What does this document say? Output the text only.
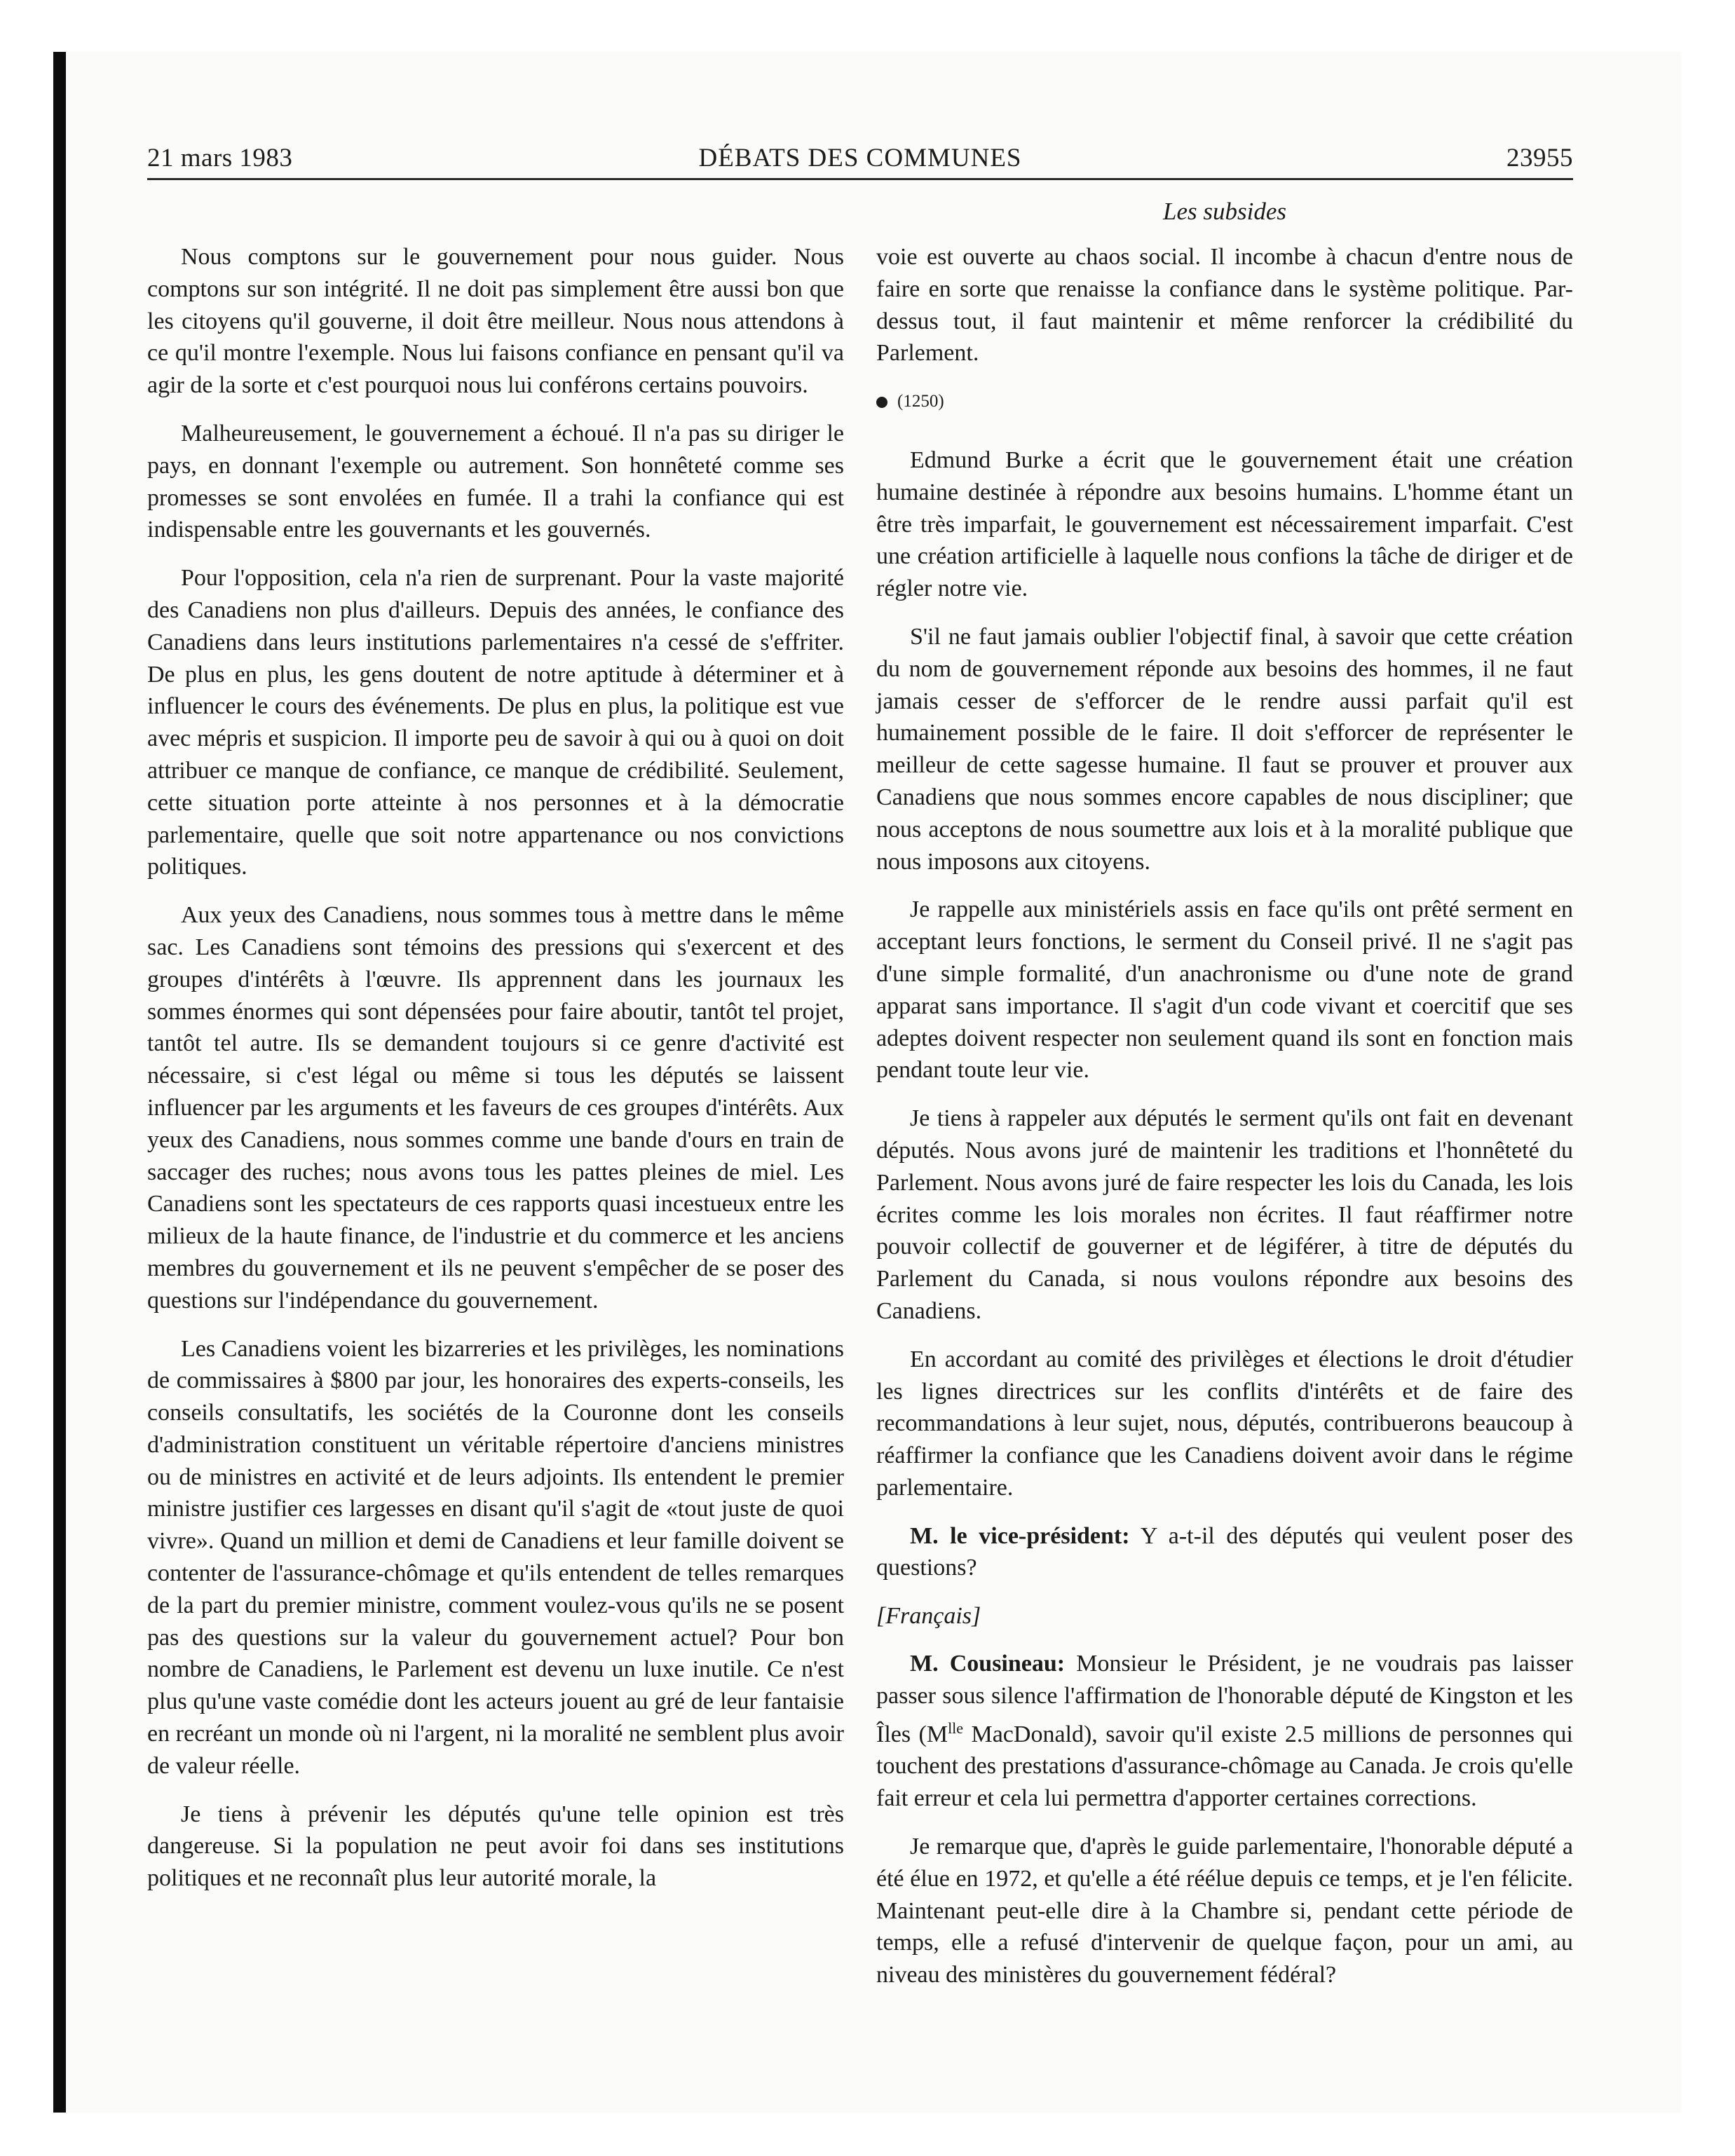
21 mars 1983	DÉBATS DES COMMUNES	23955
Les subsides

Nous comptons sur le gouvernement pour nous guider. Nous comptons sur son intégrité. Il ne doit pas simplement être aussi bon que les citoyens qu'il gouverne, il doit être meilleur. Nous nous attendons à ce qu'il montre l'exemple. Nous lui faisons confiance en pensant qu'il va agir de la sorte et c'est pourquoi nous lui conférons certains pouvoirs.

Malheureusement, le gouvernement a échoué. Il n'a pas su diriger le pays, en donnant l'exemple ou autrement. Son honnêteté comme ses promesses se sont envolées en fumée. Il a trahi la confiance qui est indispensable entre les gouvernants et les gouvernés.

Pour l'opposition, cela n'a rien de surprenant. Pour la vaste majorité des Canadiens non plus d'ailleurs. Depuis des années, le confiance des Canadiens dans leurs institutions parlementaires n'a cessé de s'effriter. De plus en plus, les gens doutent de notre aptitude à déterminer et à influencer le cours des événements. De plus en plus, la politique est vue avec mépris et suspicion. Il importe peu de savoir à qui ou à quoi on doit attribuer ce manque de confiance, ce manque de crédibilité. Seulement, cette situation porte atteinte à nos personnes et à la démocratie parlementaire, quelle que soit notre appartenance ou nos convictions politiques.

Aux yeux des Canadiens, nous sommes tous à mettre dans le même sac. Les Canadiens sont témoins des pressions qui s'exercent et des groupes d'intérêts à l'œuvre. Ils apprennent dans les journaux les sommes énormes qui sont dépensées pour faire aboutir, tantôt tel projet, tantôt tel autre. Ils se demandent toujours si ce genre d'activité est nécessaire, si c'est légal ou même si tous les députés se laissent influencer par les arguments et les faveurs de ces groupes d'intérêts. Aux yeux des Canadiens, nous sommes comme une bande d'ours en train de saccager des ruches; nous avons tous les pattes pleines de miel. Les Canadiens sont les spectateurs de ces rapports quasi incestueux entre les milieux de la haute finance, de l'industrie et du commerce et les anciens membres du gouvernement et ils ne peuvent s'empêcher de se poser des questions sur l'indépendance du gouvernement.

Les Canadiens voient les bizarreries et les privilèges, les nominations de commissaires à $800 par jour, les honoraires des experts-conseils, les conseils consultatifs, les sociétés de la Couronne dont les conseils d'administration constituent un véritable répertoire d'anciens ministres ou de ministres en activité et de leurs adjoints. Ils entendent le premier ministre justifier ces largesses en disant qu'il s'agit de «tout juste de quoi vivre». Quand un million et demi de Canadiens et leur famille doivent se contenter de l'assurance-chômage et qu'ils entendent de telles remarques de la part du premier ministre, comment voulez-vous qu'ils ne se posent pas des questions sur la valeur du gouvernement actuel? Pour bon nombre de Canadiens, le Parlement est devenu un luxe inutile. Ce n'est plus qu'une vaste comédie dont les acteurs jouent au gré de leur fantaisie en recréant un monde où ni l'argent, ni la moralité ne semblent plus avoir de valeur réelle.

Je tiens à prévenir les députés qu'une telle opinion est très dangereuse. Si la population ne peut avoir foi dans ses institutions politiques et ne reconnaît plus leur autorité morale, la

voie est ouverte au chaos social. Il incombe à chacun d'entre nous de faire en sorte que renaisse la confiance dans le système politique. Par-dessus tout, il faut maintenir et même renforcer la crédibilité du Parlement.

(1250)

Edmund Burke a écrit que le gouvernement était une création humaine destinée à répondre aux besoins humains. L'homme étant un être très imparfait, le gouvernement est nécessairement imparfait. C'est une création artificielle à laquelle nous confions la tâche de diriger et de régler notre vie.

S'il ne faut jamais oublier l'objectif final, à savoir que cette création du nom de gouvernement réponde aux besoins des hommes, il ne faut jamais cesser de s'efforcer de le rendre aussi parfait qu'il est humainement possible de le faire. Il doit s'efforcer de représenter le meilleur de cette sagesse humaine. Il faut se prouver et prouver aux Canadiens que nous sommes encore capables de nous discipliner; que nous acceptons de nous soumettre aux lois et à la moralité publique que nous imposons aux citoyens.

Je rappelle aux ministériels assis en face qu'ils ont prêté serment en acceptant leurs fonctions, le serment du Conseil privé. Il ne s'agit pas d'une simple formalité, d'un anachronisme ou d'une note de grand apparat sans importance. Il s'agit d'un code vivant et coercitif que ses adeptes doivent respecter non seulement quand ils sont en fonction mais pendant toute leur vie.

Je tiens à rappeler aux députés le serment qu'ils ont fait en devenant députés. Nous avons juré de maintenir les traditions et l'honnêteté du Parlement. Nous avons juré de faire respecter les lois du Canada, les lois écrites comme les lois morales non écrites. Il faut réaffirmer notre pouvoir collectif de gouverner et de légiférer, à titre de députés du Parlement du Canada, si nous voulons répondre aux besoins des Canadiens.

En accordant au comité des privilèges et élections le droit d'étudier les lignes directrices sur les conflits d'intérêts et de faire des recommandations à leur sujet, nous, députés, contribuerons beaucoup à réaffirmer la confiance que les Canadiens doivent avoir dans le régime parlementaire.

M. le vice-président: Y a-t-il des députés qui veulent poser des questions?

[Français]

M. Cousineau: Monsieur le Président, je ne voudrais pas laisser passer sous silence l'affirmation de l'honorable député de Kingston et les Îles ($M^{lle}$ MacDonald), savoir qu'il existe 2.5 millions de personnes qui touchent des prestations d'assurance-chômage au Canada. Je crois qu'elle fait erreur et cela lui permettra d'apporter certaines corrections.

Je remarque que, d'après le guide parlementaire, l'honorable député a été élue en 1972, et qu'elle a été réélue depuis ce temps, et je l'en félicite. Maintenant peut-elle dire à la Chambre si, pendant cette période de temps, elle a refusé d'intervenir de quelque façon, pour un ami, au niveau des ministères du gouvernement fédéral?
